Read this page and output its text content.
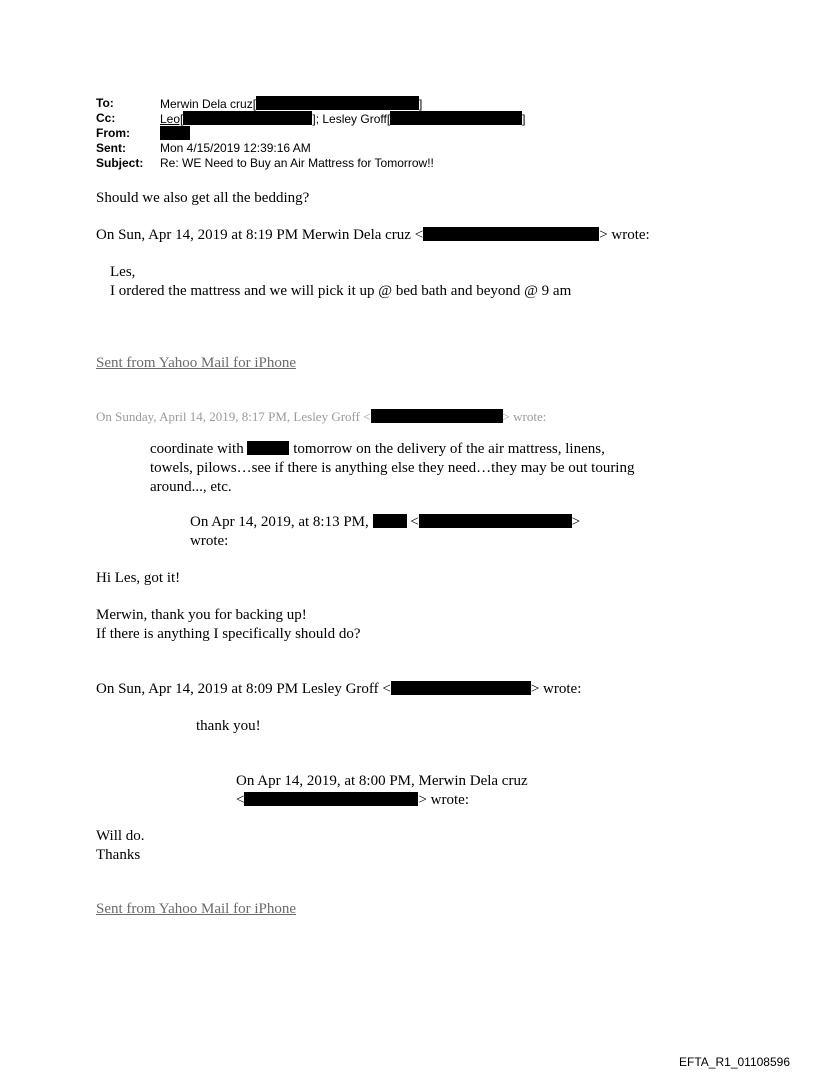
To:	Merwin Dela cruz[	]
Cc:	Leo[	]; Lesley Groff[	]
From:
Sent:	Mon 4/15/2019 12:39:16 AM
Subject:	Re: WE Need to Buy an Air Mattress for Tomorrow!!
Should we also get all the bedding?
On Sun, Apr 14, 2019 at 8:19 PM Merwin Dela cruz <	> wrote:
Les,
I ordered the mattress and we will pick it up @ bed bath and beyond @ 9 am
Sent from Yahoo Mail for iPhone
On Sunday, April 14, 2019, 8:17 PM, Lesley Groff <	> wrote:
coordinate with	tomorrow on the delivery of the air mattress, linens,
towels, pilows…see if there is anything else they need…they may be out touring
around..., etc.
On Apr 14, 2019, at 8:13 PM,	<	>
wrote:
Hi Les, got it!
Merwin, thank you for backing up!
If there is anything I specifically should do?
On Sun, Apr 14, 2019 at 8:09 PM Lesley Groff <	> wrote:
thank you!
On Apr 14, 2019, at 8:00 PM, Merwin Dela cruz
<	> wrote:
Will do.
Thanks
Sent from Yahoo Mail for iPhone
EFTA_R1_01108596
